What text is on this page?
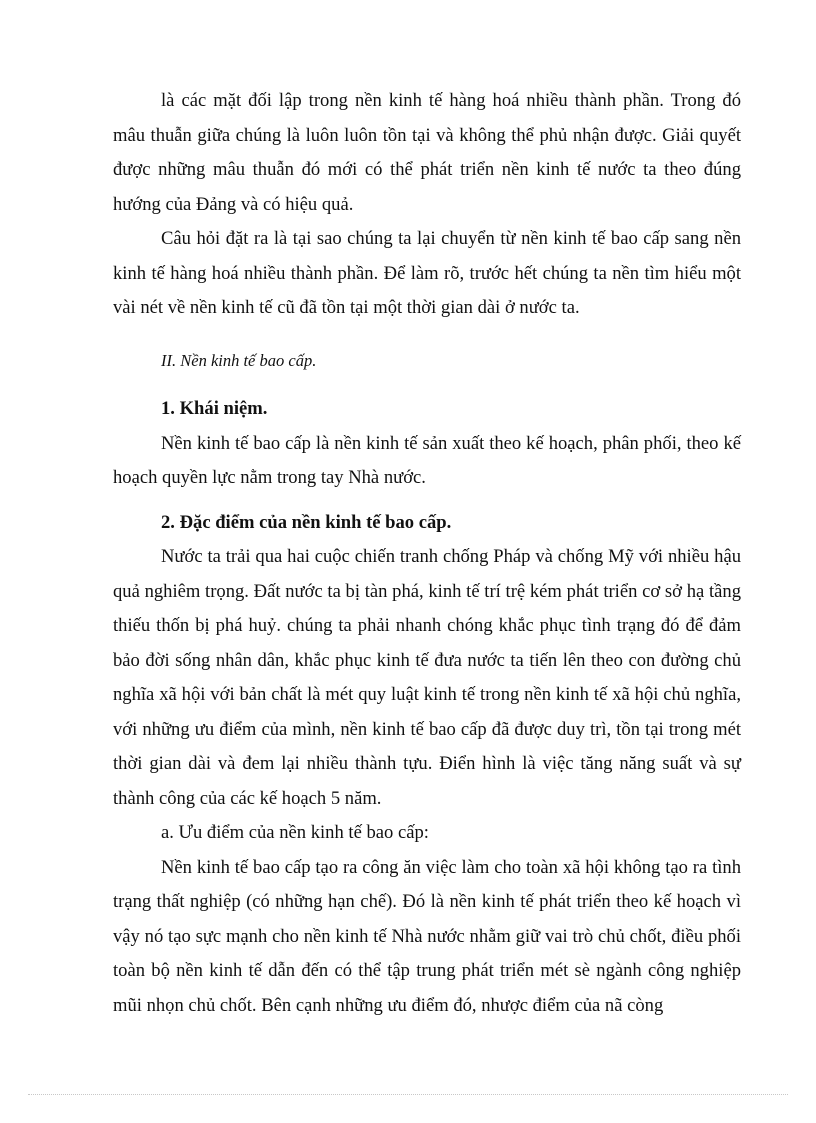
là các mặt đối lập trong nền kinh tế hàng hoá nhiều thành phần. Trong đó mâu thuẫn giữa chúng là luôn luôn tồn tại và không thể phủ nhận được. Giải quyết được những mâu thuẫn đó mới có thể phát triển nền kinh tế nước ta theo đúng hướng của Đảng và có hiệu quả.

Câu hỏi đặt ra là tại sao chúng ta lại chuyển từ nền kinh tế bao cấp sang nền kinh tế hàng hoá nhiều thành phần. Để làm rõ, trước hết chúng ta nền tìm hiểu một vài nét về nền kinh tế cũ đã tồn tại một thời gian dài ở nước ta.

II. Nền kinh tế bao cấp.

1. Khái niệm.

Nền kinh tế bao cấp là nền kinh tế sản xuất theo kế hoạch, phân phối, theo kế hoạch quyền lực nằm trong tay Nhà nước.

2. Đặc điểm của nền kinh tế bao cấp.

Nước ta trải qua hai cuộc chiến tranh chống Pháp và chống Mỹ với nhiều hậu quả nghiêm trọng. Đất nước ta bị tàn phá, kinh tế trí trệ kém phát triển cơ sở hạ tầng thiếu thốn bị phá huỷ. chúng ta phải nhanh chóng khắc phục tình trạng đó để đảm bảo đời sống nhân dân, khắc phục kinh tế đưa nước ta tiến lên theo con đường chủ nghĩa xã hội với bản chất là mét quy luật kinh tế trong nền kinh tế xã hội chủ nghĩa, với những ưu điểm của mình, nền kinh tế bao cấp đã được duy trì, tồn tại trong mét thời gian dài và đem lại nhiều thành tựu. Điển hình là việc tăng năng suất và sự thành công của các kế hoạch 5 năm.

a. Ưu điểm của nền kinh tế bao cấp:

Nền kinh tế bao cấp tạo ra công ăn việc làm cho toàn xã hội không tạo ra tình trạng thất nghiệp (có những hạn chế). Đó là nền kinh tế phát triển theo kế hoạch vì vậy nó tạo sực mạnh cho nền kinh tế Nhà nước nhằm giữ vai trò chủ chốt, điều phối toàn bộ nền kinh tế dẫn đến có thể tập trung phát triển mét sè ngành công nghiệp mũi nhọn chủ chốt. Bên cạnh những ưu điểm đó, nhược điểm của nã còng
